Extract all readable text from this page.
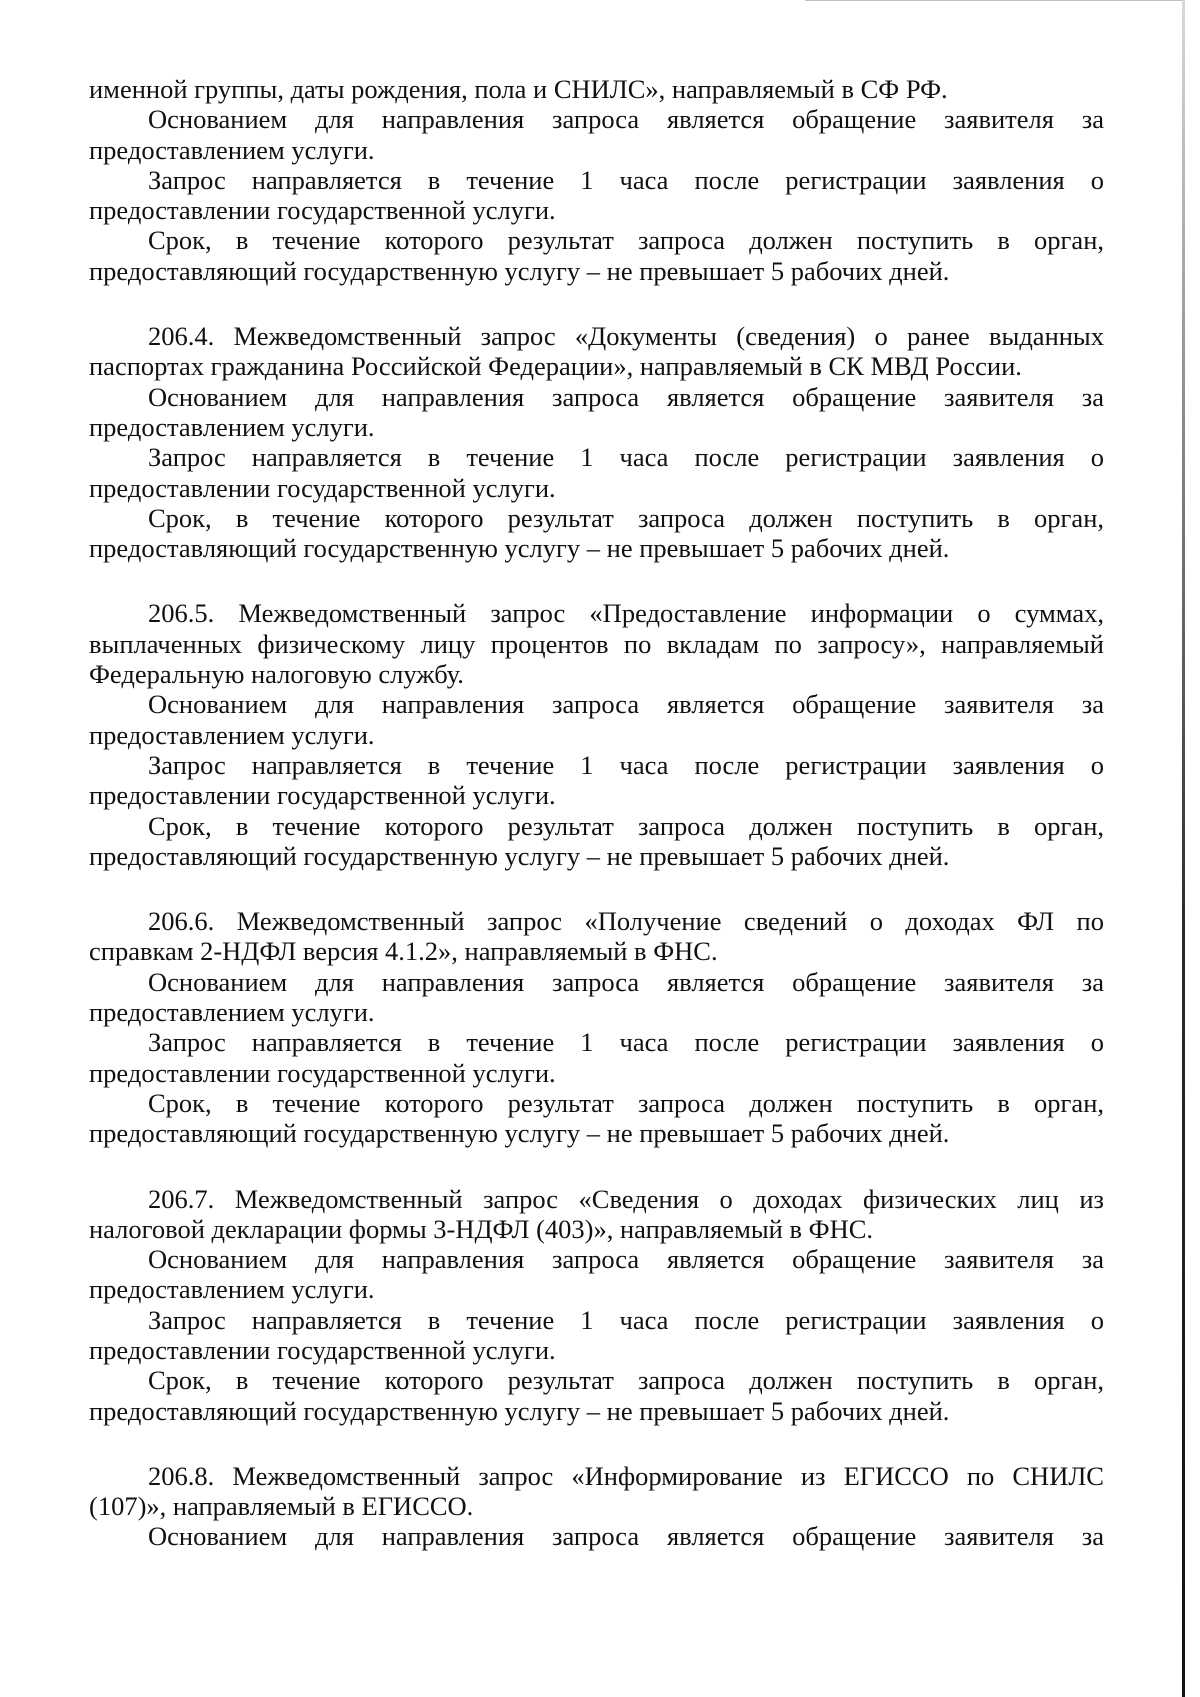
именной группы, даты рождения, пола и СНИЛС», направляемый в СФ РФ.
Основанием для направления запроса является обращение заявителя за
предоставлением услуги.
Запрос направляется в течение 1 часа после регистрации заявления о
предоставлении государственной услуги.
Срок, в течение которого результат запроса должен поступить в орган,
предоставляющий государственную услугу – не превышает 5 рабочих дней.
206.4. Межведомственный запрос «Документы (сведения) о ранее выданных
паспортах гражданина Российской Федерации», направляемый в СК МВД России.
Основанием для направления запроса является обращение заявителя за
предоставлением услуги.
Запрос направляется в течение 1 часа после регистрации заявления о
предоставлении государственной услуги.
Срок, в течение которого результат запроса должен поступить в орган,
предоставляющий государственную услугу – не превышает 5 рабочих дней.
206.5. Межведомственный запрос «Предоставление информации о суммах,
выплаченных физическому лицу процентов по вкладам по запросу», направляемый
Федеральную налоговую службу.
Основанием для направления запроса является обращение заявителя за
предоставлением услуги.
Запрос направляется в течение 1 часа после регистрации заявления о
предоставлении государственной услуги.
Срок, в течение которого результат запроса должен поступить в орган,
предоставляющий государственную услугу – не превышает 5 рабочих дней.
206.6. Межведомственный запрос «Получение сведений о доходах ФЛ по
справкам 2-НДФЛ версия 4.1.2», направляемый в ФНС.
Основанием для направления запроса является обращение заявителя за
предоставлением услуги.
Запрос направляется в течение 1 часа после регистрации заявления о
предоставлении государственной услуги.
Срок, в течение которого результат запроса должен поступить в орган,
предоставляющий государственную услугу – не превышает 5 рабочих дней.
206.7. Межведомственный запрос «Сведения о доходах физических лиц из
налоговой декларации формы 3-НДФЛ (403)», направляемый в ФНС.
Основанием для направления запроса является обращение заявителя за
предоставлением услуги.
Запрос направляется в течение 1 часа после регистрации заявления о
предоставлении государственной услуги.
Срок, в течение которого результат запроса должен поступить в орган,
предоставляющий государственную услугу – не превышает 5 рабочих дней.
206.8. Межведомственный запрос «Информирование из ЕГИССО по СНИЛС
(107)», направляемый в ЕГИССО.
Основанием для направления запроса является обращение заявителя за
